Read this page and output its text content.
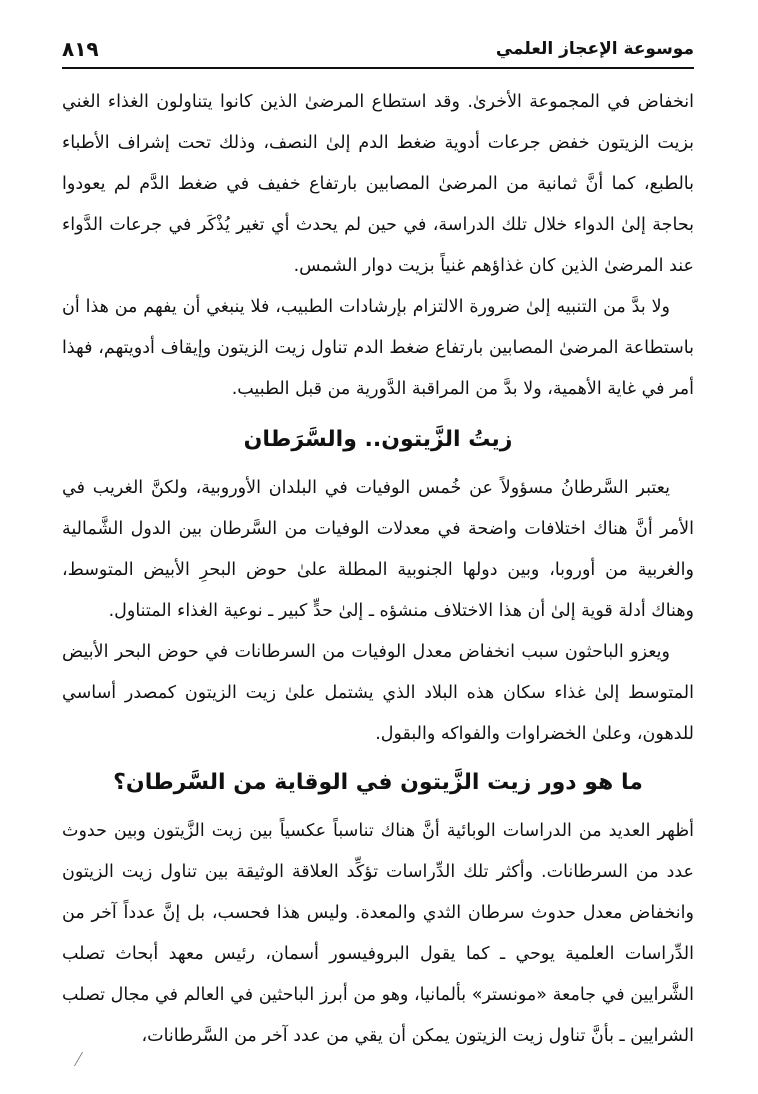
موسوعة الإعجاز العلمي
٨١٩

انخفاض في المجموعة الأخرىٰ. وقد استطاع المرضىٰ الذين كانوا يتناولون الغذاء الغني بزيت الزيتون خفض جرعات أدوية ضغط الدم إلىٰ النصف، وذلك تحت إشراف الأطباء بالطبع، كما أنَّ ثمانية من المرضىٰ المصابين بارتفاع خفيف في ضغط الدَّم لم يعودوا بحاجة إلىٰ الدواء خلال تلك الدراسة، في حين لم يحدث أي تغير يُذْكَر في جرعات الدَّواء عند المرضىٰ الذين كان غذاؤهم غنياً بزيت دوار الشمس.

ولا بدَّ من التنبيه إلىٰ ضرورة الالتزام بإرشادات الطبيب، فلا ينبغي أن يفهم من هذا أن باستطاعة المرضىٰ المصابين بارتفاع ضغط الدم تناول زيت الزيتون وإيقاف أدويتهم، فهذا أمر في غاية الأهمية، ولا بدَّ من المراقبة الدَّورية من قبل الطبيب.

زيتُ الزَّيتون.. والسَّرَطان

يعتبر السَّرطانُ مسؤولاً عن خُمس الوفيات في البلدان الأوروبية، ولكنَّ الغريب في الأمر أنَّ هناك اختلافات واضحة في معدلات الوفيات من السَّرطان بين الدول الشَّمالية والغربية من أوروبا، وبين دولها الجنوبية المطلة علىٰ حوض البحرِ الأبيض المتوسط، وهناك أدلة قوية إلىٰ أن هذا الاختلاف منشؤه ـ إلىٰ حدٍّ كبير ـ نوعية الغذاء المتناول.

ويعزو الباحثون سبب انخفاض معدل الوفيات من السرطانات في حوض البحر الأبيض المتوسط إلىٰ غذاء سكان هذه البلاد الذي يشتمل علىٰ زيت الزيتون كمصدر أساسي للدهون، وعلىٰ الخضراوات والفواكه والبقول.

ما هو دور زيت الزَّيتون في الوقاية من السَّرطان؟

أظهر العديد من الدراسات الوبائية أنَّ هناك تناسباً عكسياً بين زيت الزَّيتون وبين حدوث عدد من السرطانات. وأكثر تلك الدِّراسات تؤكِّد العلاقة الوثيقة بين تناول زيت الزيتون وانخفاض معدل حدوث سرطان الثدي والمعدة. وليس هذا فحسب، بل إنَّ عدداً آخر من الدِّراسات العلمية يوحي ـ كما يقول البروفيسور أسمان، رئيس معهد أبحاث تصلب الشَّرايين في جامعة «مونستر» بألمانيا، وهو من أبرز الباحثين في العالم في مجال تصلب الشرايين ـ بأنَّ تناول زيت الزيتون يمكن أن يقي من عدد آخر من السَّرطانات،
